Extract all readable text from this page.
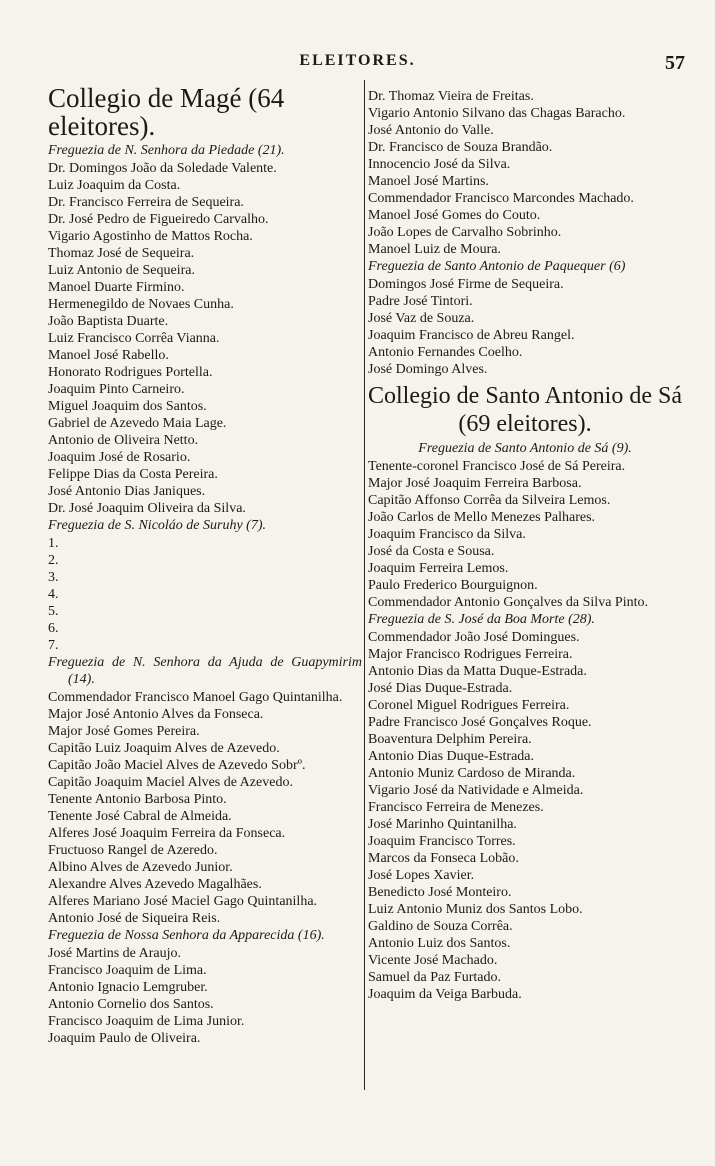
ELEITORES.	57
Collegio de Magé (64 eleitores).
Freguezia de N. Senhora da Piedade (21).
Dr. Domingos João da Soledade Valente.
Luiz Joaquim da Costa.
Dr. Francisco Ferreira de Sequeira.
Dr. José Pedro de Figueiredo Carvalho.
Vigario Agostinho de Mattos Rocha.
Thomaz José de Sequeira.
Luiz Antonio de Sequeira.
Manoel Duarte Firmino.
Hermenegildo de Novaes Cunha.
João Baptista Duarte.
Luiz Francisco Corrêa Vianna.
Manoel José Rabello.
Honorato Rodrigues Portella.
Joaquim Pinto Carneiro.
Miguel Joaquim dos Santos.
Gabriel de Azevedo Maia Lage.
Antonio de Oliveira Netto.
Joaquim José de Rosario.
Felippe Dias da Costa Pereira.
José Antonio Dias Janiques.
Dr. José Joaquim Oliveira da Silva.
Freguezia de S. Nicoláo de Suruhy (7).
1.
2.
3.
4.
5.
6.
7.
Freguezia de N. Senhora da Ajuda de Guapymirim (14).
Commendador Francisco Manoel Gago Quintanilha.
Major José Antonio Alves da Fonseca.
Major José Gomes Pereira.
Capitão Luiz Joaquim Alves de Azevedo.
Capitão João Maciel Alves de Azevedo Sobrº.
Capitão Joaquim Maciel Alves de Azevedo.
Tenente Antonio Barbosa Pinto.
Tenente José Cabral de Almeida.
Alferes José Joaquim Ferreira da Fonseca.
Fructuoso Rangel de Azeredo.
Albino Alves de Azevedo Junior.
Alexandre Alves Azevedo Magalhães.
Alferes Mariano José Maciel Gago Quintanilha.
Antonio José de Siqueira Reis.
Freguezia de Nossa Senhora da Apparecida (16).
José Martins de Araujo.
Francisco Joaquim de Lima.
Antonio Ignacio Lemgruber.
Antonio Cornelio dos Santos.
Francisco Joaquim de Lima Junior.
Joaquim Paulo de Oliveira.
Dr. Thomaz Vieira de Freitas.
Vigario Antonio Silvano das Chagas Baracho.
José Antonio do Valle.
Dr. Francisco de Souza Brandão.
Innocencio José da Silva.
Manoel José Martins.
Commendador Francisco Marcondes Machado.
Manoel José Gomes do Couto.
João Lopes de Carvalho Sobrinho.
Manoel Luiz de Moura.
Freguezia de Santo Antonio de Paquequer (6)
Domingos José Firme de Sequeira.
Padre José Tintori.
José Vaz de Souza.
Joaquim Francisco de Abreu Rangel.
Antonio Fernandes Coelho.
José Domingo Alves.
Collegio de Santo Antonio de Sá (69 eleitores).
Freguezia de Santo Antonio de Sá (9).
Tenente-coronel Francisco José de Sá Pereira.
Major José Joaquim Ferreira Barbosa.
Capitão Affonso Corrêa da Silveira Lemos.
João Carlos de Mello Menezes Palhares.
Joaquim Francisco da Silva.
José da Costa e Sousa.
Joaquim Ferreira Lemos.
Paulo Frederico Bourguignon.
Commendador Antonio Gonçalves da Silva Pinto.
Freguezia de S. José da Boa Morte (28).
Commendador João José Domingues.
Major Francisco Rodrigues Ferreira.
Antonio Dias da Matta Duque-Estrada.
José Dias Duque-Estrada.
Coronel Miguel Rodrigues Ferreira.
Padre Francisco José Gonçalves Roque.
Boaventura Delphim Pereira.
Antonio Dias Duque-Estrada.
Antonio Muniz Cardoso de Miranda.
Vigario José da Natividade e Almeida.
Francisco Ferreira de Menezes.
José Marinho Quintanilha.
Joaquim Francisco Torres.
Marcos da Fonseca Lobão.
José Lopes Xavier.
Benedicto José Monteiro.
Luiz Antonio Muniz dos Santos Lobo.
Galdino de Souza Corrêa.
Antonio Luiz dos Santos.
Vicente José Machado.
Samuel da Paz Furtado.
Joaquim da Veiga Barbuda.
